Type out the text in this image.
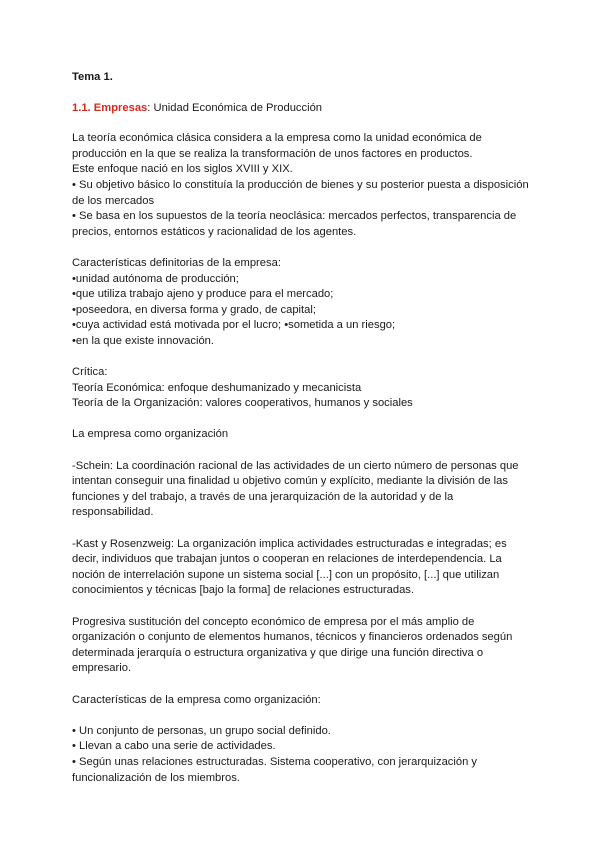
Tema 1.

1.1. Empresas: Unidad Económica de Producción

La teoría económica clásica considera a la empresa como la unidad económica de producción en la que se realiza la transformación de unos factores en productos.
Este enfoque nació en los siglos XVIII y XIX.
• Su objetivo básico lo constituía la producción de bienes y su posterior puesta a disposición de los mercados
• Se basa en los supuestos de la teoría neoclásica: mercados perfectos, transparencia de precios, entornos estáticos y racionalidad de los agentes.
Características definitorias de la empresa:
•unidad autónoma de producción;
•que utiliza trabajo ajeno y produce para el mercado;
•poseedora, en diversa forma y grado, de capital;
•cuya actividad está motivada por el lucro; •sometida a un riesgo;
•en la que existe innovación.
Crítica:
Teoría Económica: enfoque deshumanizado y mecanicista
Teoría de la Organización: valores cooperativos, humanos y sociales
La empresa como organización
-Schein: La coordinación racional de las actividades de un cierto número de personas que intentan conseguir una finalidad u objetivo común y explícito, mediante la división de las funciones y del trabajo, a través de una jerarquización de la autoridad y de la responsabilidad.
-Kast y Rosenzweig: La organización implica actividades estructuradas e integradas; es decir, individuos que trabajan juntos o cooperan en relaciones de interdependencia. La noción de interrelación supone un sistema social [...] con un propósito, [...] que utilizan conocimientos y técnicas [bajo la forma] de relaciones estructuradas.
Progresiva sustitución del concepto económico de empresa por el más amplio de organización o conjunto de elementos humanos, técnicos y financieros ordenados según determinada jerarquía o estructura organizativa y que dirige una función directiva o empresario.
Características de la empresa como organización:
• Un conjunto de personas, un grupo social definido.
• Llevan a cabo una serie de actividades.
• Según unas relaciones estructuradas. Sistema cooperativo, con jerarquización y funcionalización de los miembros.
